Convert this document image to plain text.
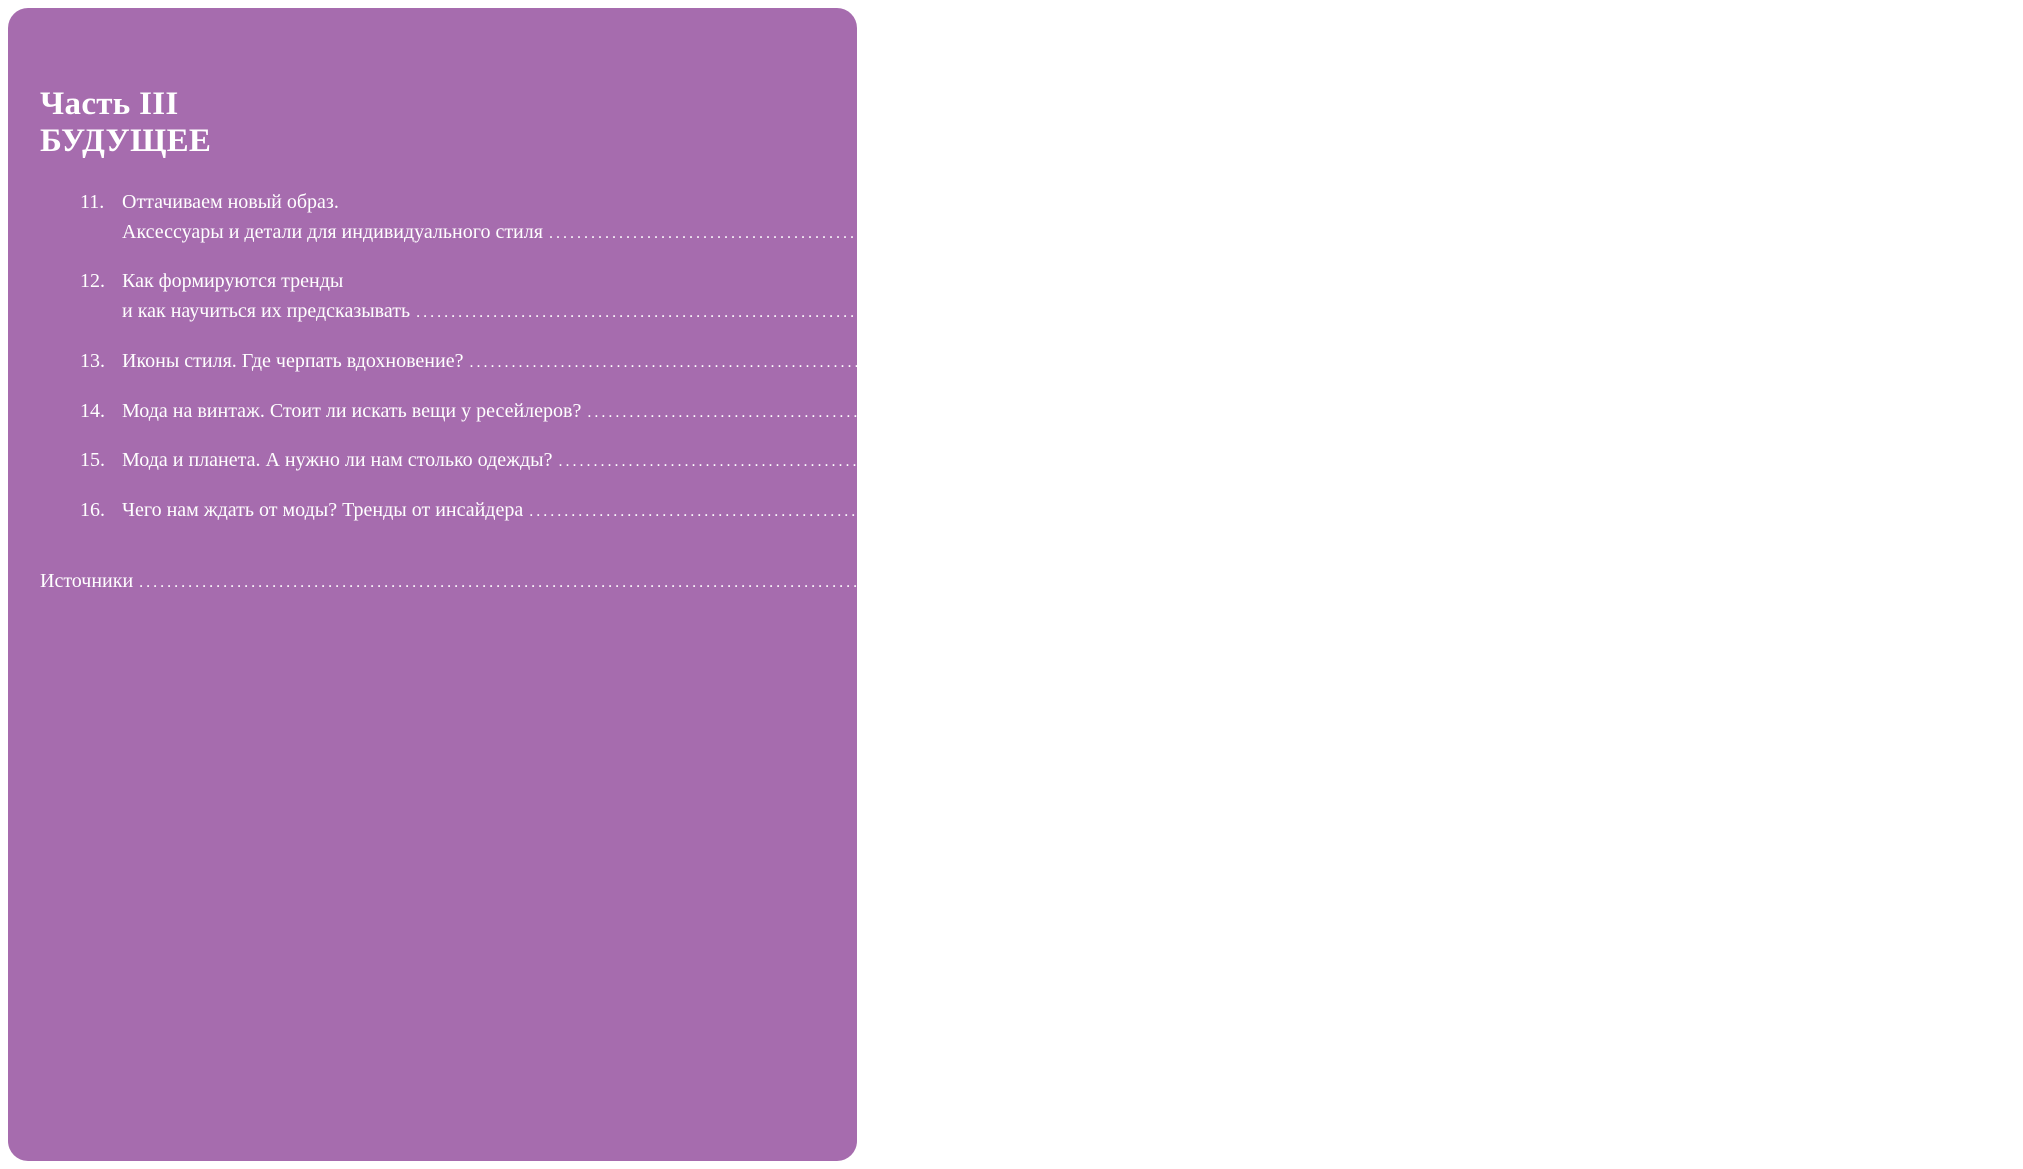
Часть III
БУДУЩЕЕ
11. Оттачиваем новый образ.
Аксессуары и детали для индивидуального стиля ........................................................................................................................................................................................................ 267
12. Как формируются тренды
и как научиться их предсказывать ........................................................................................................................................................................................................ 281
13. Иконы стиля. Где черпать вдохновение? ........................................................................................................................................................................................................ 301
14. Мода на винтаж. Стоит ли искать вещи у ресейлеров? ........................................................................................................................................................................................................ 317
15. Мода и планета. А нужно ли нам столько одежды? ........................................................................................................................................................................................................ 335
16. Чего нам ждать от моды? Тренды от инсайдера ........................................................................................................................................................................................................ 353
Источники ........................................................................................................................................................................................................ 365
